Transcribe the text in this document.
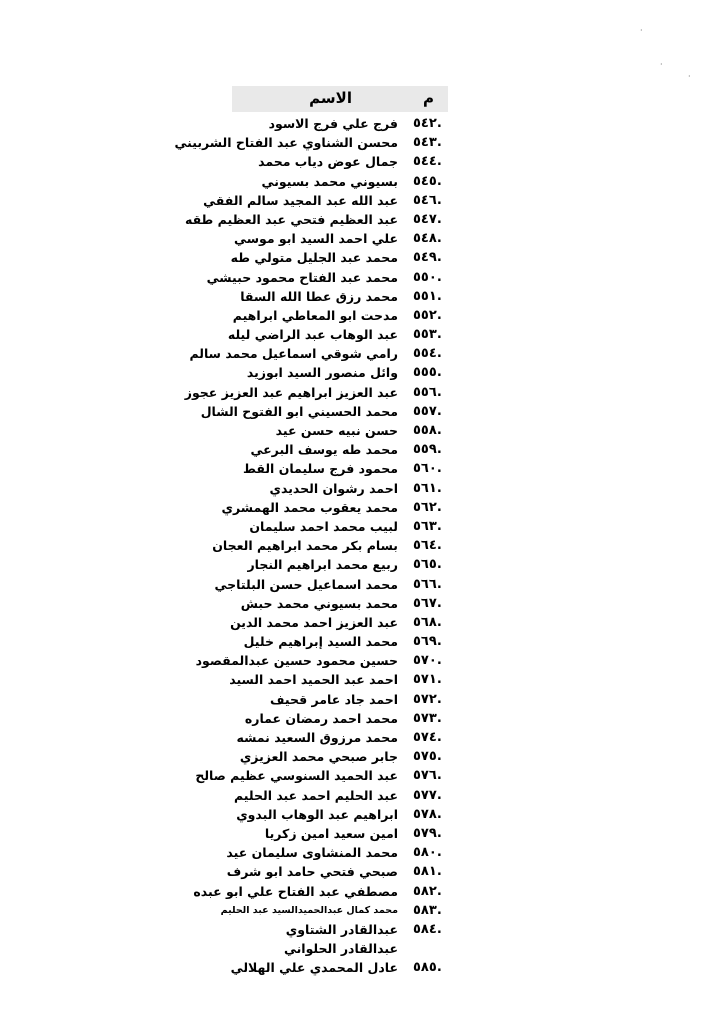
·
·
·
م
الاسم
٥٤٢.
فرج علي فرج الاسود
٥٤٣.
محسن الشناوي عبد الفتاح الشربيني
٥٤٤.
جمال عوض دياب محمد
٥٤٥.
بسيوني محمد بسيوني
٥٤٦.
عبد الله عبد المجيد سالم الفقي
٥٤٧.
عبد العظيم فتحي عبد العظيم طقه
٥٤٨.
علي احمد السيد ابو موسي
٥٤٩.
محمد عبد الجليل متولي طه
٥٥٠.
محمد عبد الفتاح محمود حبيشي
٥٥١.
محمد رزق عطا الله السقا
٥٥٢.
مدحت ابو المعاطي ابراهيم
٥٥٣.
عبد الوهاب عبد الراضي ليله
٥٥٤.
رامي شوقي اسماعيل محمد سالم
٥٥٥.
وائل منصور السيد ابوزيد
٥٥٦.
عبد العزيز ابراهيم عبد العزيز عجوز
٥٥٧.
محمد الحسيني ابو الفتوح الشال
٥٥٨.
حسن نبيه حسن عيد
٥٥٩.
محمد طه يوسف البرعي
٥٦٠.
محمود فرج سليمان القط
٥٦١.
احمد رشوان الحديدي
٥٦٢.
محمد يعقوب محمد الهمشري
٥٦٣.
لبيب محمد احمد سليمان
٥٦٤.
بسام بكر محمد ابراهيم العجان
٥٦٥.
ربيع محمد ابراهيم النجار
٥٦٦.
محمد اسماعيل حسن البلتاجي
٥٦٧.
محمد بسيوني محمد حبش
٥٦٨.
عبد العزيز احمد محمد الدين
٥٦٩.
محمد السيد إبراهيم خليل
٥٧٠.
حسين محمود حسين عبدالمقصود
٥٧١.
احمد عبد الحميد احمد السيد
٥٧٢.
احمد جاد عامر قحيف
٥٧٣.
محمد احمد رمضان عماره
٥٧٤.
محمد مرزوق السعيد نمشه
٥٧٥.
جابر صبحي محمد العزيزي
٥٧٦.
عبد الحميد السنوسي عظيم صالح
٥٧٧.
عبد الحليم احمد عبد الحليم
٥٧٨.
ابراهيم عبد الوهاب البدوي
٥٧٩.
امين سعيد امين زكريا
٥٨٠.
محمد المنشاوى سليمان عيد
٥٨١.
صبحي فتحي حامد ابو شرف
٥٨٢.
مصطفي عبد الفتاح علي ابو عبده
٥٨٣.
محمد كمال عبدالحميدالسيد عبد الحليم
٥٨٤.
عبدالقادر الشتاوي
عبدالقادر الحلواني
٥٨٥.
عادل المحمدي علي الهلالي
